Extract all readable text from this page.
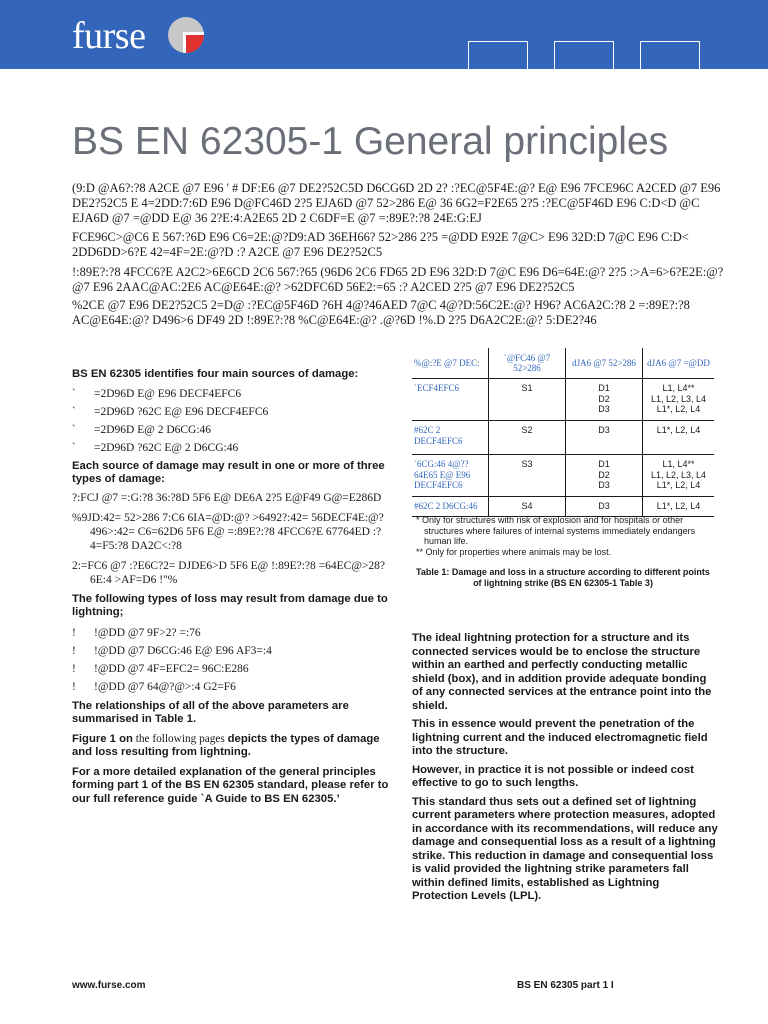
furse
BS EN 62305-1 General principles

(9:D @A6?:?8 A2CE @7 E96 ' # DF:E6 @7 DE2?52C5D D6CG6D 2D 2? :?EC@5F4E:@? E@ E96 7FCE96C A2CED @7 E96 DE2?52C5 E 4=2DD:7:6D E96 D@FC46D 2?5 EJA6D @7 52>286 E@ 36 6G2=F2E65 2?5 :?EC@5F46D E96 C:D<D @C EJA6D @7 =@DD E@ 36 2?E:4:A2E65 2D 2 C6DF=E @7 =:89E?:?8 24E:G:EJ

FCE96C>@C6 E 567:?6D E96 C6=2E:@?D9:AD 36EH66? 52>286 2?5 =@DD E92E 7@C> E96 32D:D 7@C E96 C:D< 2DD6DD>6?E 42=4F=2E:@?D :? A2CE @7 E96 DE2?52C5

!:89E?:?8 4FCC6?E A2C2>6E6CD 2C6 567:?65 (96D6 2C6 FD65 2D E96 32D:D 7@C E96 D6=64E:@? 2?5 :>A=6>6?E2E:@? @7 E96 2AAC@AC:2E6 AC@E64E:@? >62DFC6D 56E2:=65 :? A2CED 2?5 @7 E96 DE2?52C5

%2CE @7 E96 DE2?52C5 2=D@ :?EC@5F46D ?6H 4@?46AED 7@C 4@?D:56C2E:@? H96? AC6A2C:?8 2 =:89E?:?8 AC@E64E:@? D496>6 DF49 2D !:89E?:?8 %C@E64E:@? .@?6D !%.D 2?5 D6A2C2E:@? 5:DE2?46

BS EN 62305 identifies four main sources of damage:

` =2D96D E@ E96 DECF4EFC6
` =2D96D ?62C E@ E96 DECF4EFC6
` =2D96D E@ 2 D6CG:46
` =2D96D ?62C E@ 2 D6CG:46

Each source of damage may result in one or more of three types of damage:

?:FCJ @7 =:G:?8 36:?8D 5F6 E@ DE6A 2?5 E@F49 G@=E286D

%9JD:42= 52>286 7:C6 6IA=@D:@? >6492?:42= 56DECF4E:@? 496>:42= C6=62D6 5F6 E@ =:89E?:?8 4FCC6?E 67764ED :?4=F5:?8 DA2C<:?8

2:=FC6 @7 :?E6C?2= DJDE6>D 5F6 E@ !:89E?:?8 =64EC@>28?6E:4 >AF=D6 !"%

The following types of loss may result from damage due to lightning;

! !@DD @7 9F>2? =:76
! !@DD @7 D6CG:46 E@ E96 AF3=:4
! !@DD @7 4F=EFC2= 96C:E286
! !@DD @7 64@?@>:4 G2=F6

The relationships of all of the above parameters are summarised in Table 1.

Figure 1 on the following pages depicts the types of damage and loss resulting from lightning.

For a more detailed explanation of the general principles forming part 1 of the BS EN 62305 standard, please refer to our full reference guide `A Guide to BS EN 62305.’

%@:?E @7 DEC:	`@FC46 @7 52>286	dJA6 @7 52>286	dJA6 @7 =@DD
`ECF4EFC6	S1	D1
D2
D3	L1, L4**
L1, L2, L3, L4
L1*, L2, L4
#62C 2 DECF4EFC6	S2	D3	L1*, L2, L4
`6CG:46 4@??64E65 E@ E96 DECF4EFC6	S3	D1
D2
D3	L1, L4**
L1, L2, L3, L4
L1*, L2, L4
#62C 2 D6CG:46	S4	D3	L1*, L2, L4

* Only for structures with risk of explosion and for hospitals or other structures where failures of internal systems immediately endangers human life.

** Only for properties where animals may be lost.

Table 1: Damage and loss in a structure according to different points of lightning strike (BS EN 62305-1 Table 3)

The ideal lightning protection for a structure and its connected services would be to enclose the structure within an earthed and perfectly conducting metallic shield (box), and in addition provide adequate bonding of any connected services at the entrance point into the shield.

This in essence would prevent the penetration of the lightning current and the induced electromagnetic field into the structure.

However, in practice it is not possible or indeed cost effective to go to such lengths.

This standard thus sets out a defined set of lightning current parameters where protection measures, adopted in accordance with its recommendations, will reduce any damage and consequential loss as a result of a lightning strike. This reduction in damage and consequential loss is valid provided the lightning strike parameters fall within defined limits, established as Lightning Protection Levels (LPL).

www.furse.com	BS EN 62305 part 1 I
